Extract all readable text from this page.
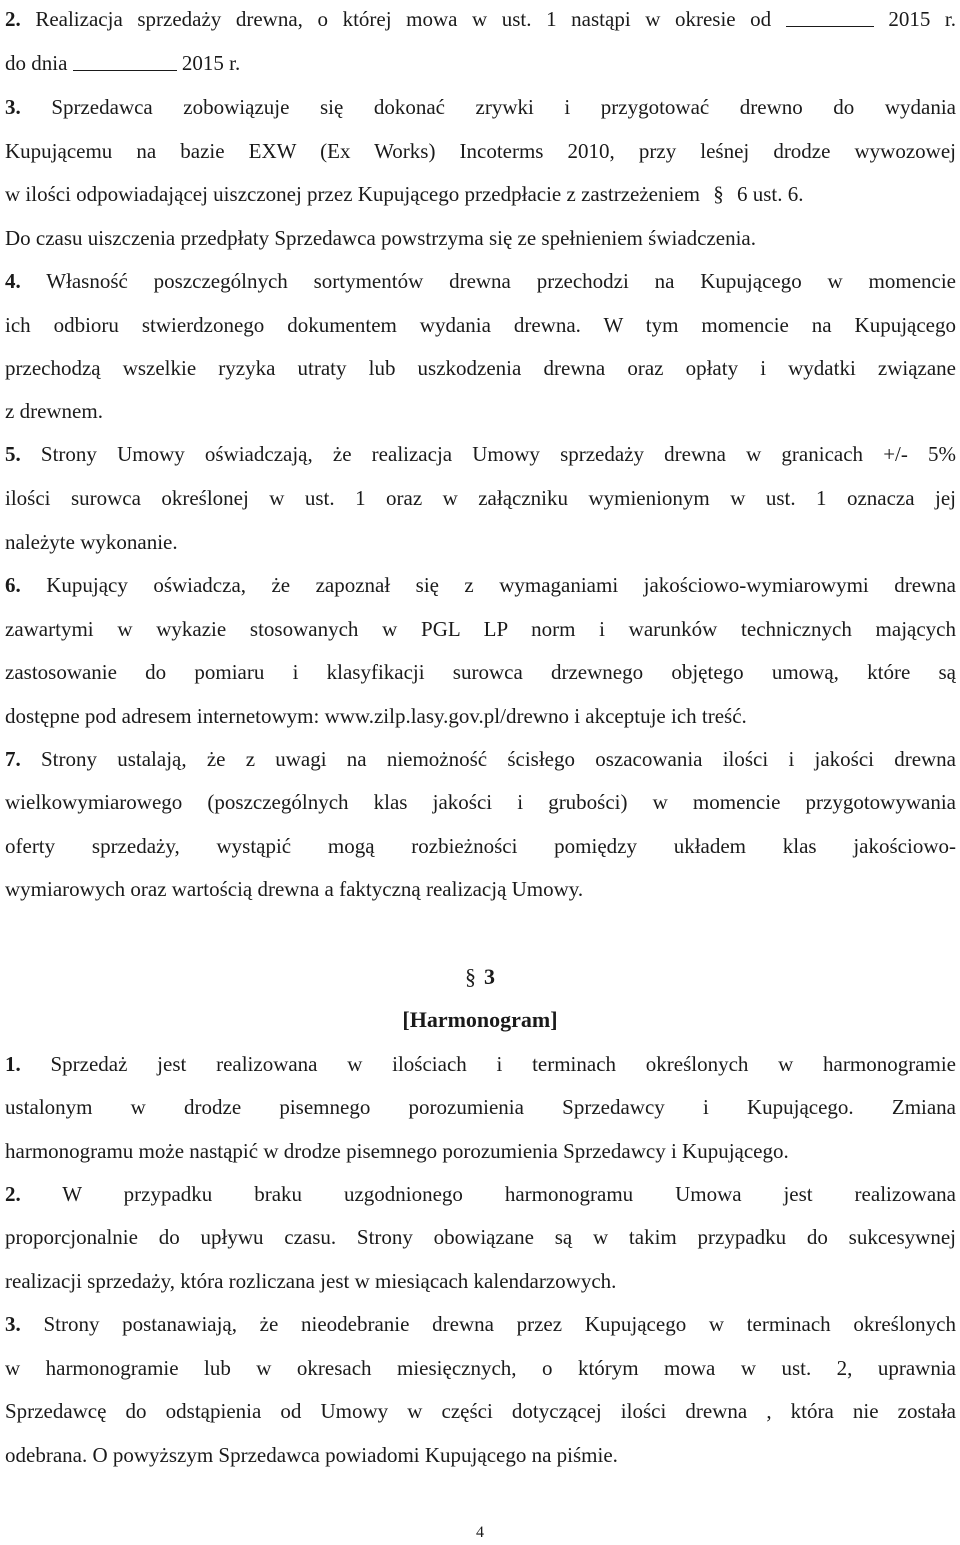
2. Realizacja sprzedaży drewna, o której mowa w ust. 1 nastąpi w okresie od	2015 r.
do dnia	2015 r.
3. Sprzedawca zobowiązuje się dokonać zrywki i przygotować drewno do wydania
Kupującemu na bazie EXW (Ex Works) Incoterms 2010, przy leśnej drodze wywozowej
w ilości odpowiadającej uiszczonej przez Kupującego przedpłacie z zastrzeżeniem § 6 ust. 6.
Do czasu uiszczenia przedpłaty Sprzedawca powstrzyma się ze spełnieniem świadczenia.
4. Własność poszczególnych sortymentów drewna przechodzi na Kupującego w momencie
ich odbioru stwierdzonego dokumentem wydania drewna. W tym momencie na Kupującego
przechodzą wszelkie ryzyka utraty lub uszkodzenia drewna oraz opłaty i wydatki związane
z drewnem.
5. Strony Umowy oświadczają, że realizacja Umowy sprzedaży drewna w granicach +/- 5%
ilości surowca określonej w ust. 1 oraz w załączniku wymienionym w ust. 1 oznacza jej
należyte wykonanie.
6. Kupujący oświadcza, że zapoznał się z wymaganiami jakościowo-wymiarowymi drewna
zawartymi w wykazie stosowanych w PGL LP norm i warunków technicznych mających
zastosowanie do pomiaru i klasyfikacji surowca drzewnego objętego umową, które są
dostępne pod adresem internetowym: www.zilp.lasy.gov.pl/drewno i akceptuje ich treść.
7. Strony ustalają, że z uwagi na niemożność ścisłego oszacowania ilości i jakości drewna
wielkowymiarowego (poszczególnych klas jakości i grubości) w momencie przygotowywania
oferty sprzedaży, wystąpić mogą rozbieżności pomiędzy układem klas jakościowo-
wymiarowych oraz wartością drewna a faktyczną realizacją Umowy.
§ 3
[Harmonogram]
1. Sprzedaż jest realizowana w ilościach i terminach określonych w harmonogramie
ustalonym w drodze pisemnego porozumienia Sprzedawcy i Kupującego. Zmiana
harmonogramu może nastąpić w drodze pisemnego porozumienia Sprzedawcy i Kupującego.
2. W przypadku braku uzgodnionego harmonogramu Umowa jest realizowana
proporcjonalnie do upływu czasu. Strony obowiązane są w takim przypadku do sukcesywnej
realizacji sprzedaży, która rozliczana jest w miesiącach kalendarzowych.
3. Strony postanawiają, że nieodebranie drewna przez Kupującego w terminach określonych
w harmonogramie lub w okresach miesięcznych, o którym mowa w ust. 2, uprawnia
Sprzedawcę do odstąpienia od Umowy w części dotyczącej ilości drewna , która nie została
odebrana. O powyższym Sprzedawca powiadomi Kupującego na piśmie.
4
